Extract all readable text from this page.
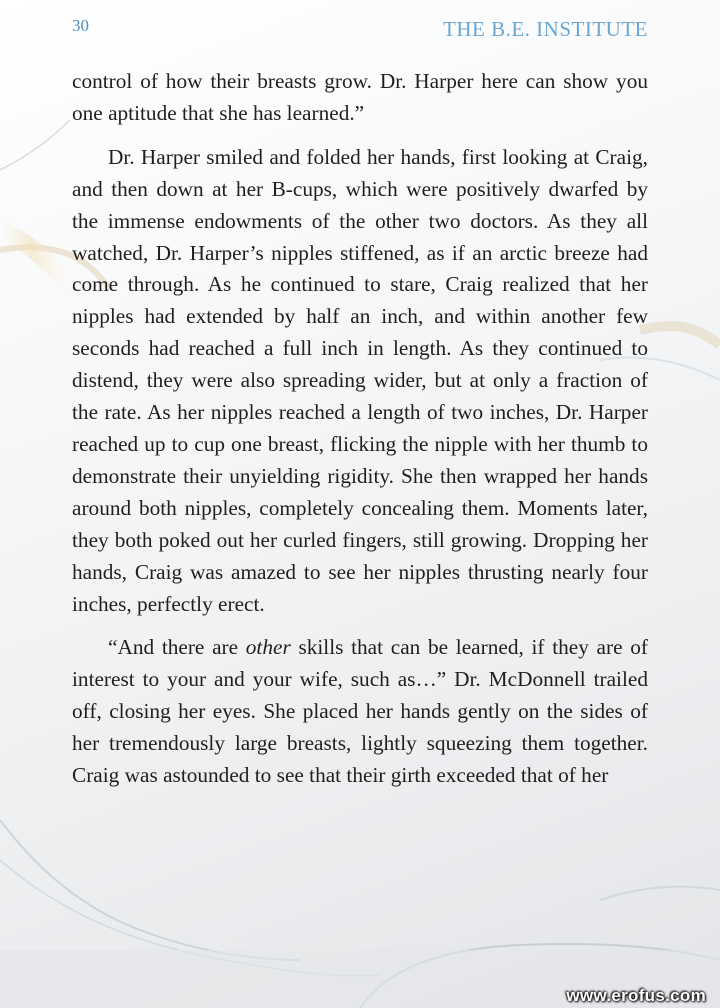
30	THE B.E. INSTITUTE

control of how their breasts grow. Dr. Harper here can show you one aptitude that she has learned.”

Dr. Harper smiled and folded her hands, first looking at Craig, and then down at her B-cups, which were positively dwarfed by the immense endowments of the other two doctors. As they all watched, Dr. Harper’s nipples stiffened, as if an arctic breeze had come through. As he continued to stare, Craig realized that her nipples had extended by half an inch, and within another few seconds had reached a full inch in length. As they continued to distend, they were also spreading wider, but at only a fraction of the rate. As her nipples reached a length of two inches, Dr. Harper reached up to cup one breast, flicking the nipple with her thumb to demonstrate their unyielding rigidity. She then wrapped her hands around both nipples, completely concealing them. Moments later, they both poked out her curled fingers, still growing. Dropping her hands, Craig was amazed to see her nipples thrusting nearly four inches, perfectly erect.

“And there are other skills that can be learned, if they are of interest to your and your wife, such as…” Dr. McDonnell trailed off, closing her eyes. She placed her hands gently on the sides of her tremendously large breasts, lightly squeezing them together. Craig was astounded to see that their girth exceeded that of her

www.erofus.com
